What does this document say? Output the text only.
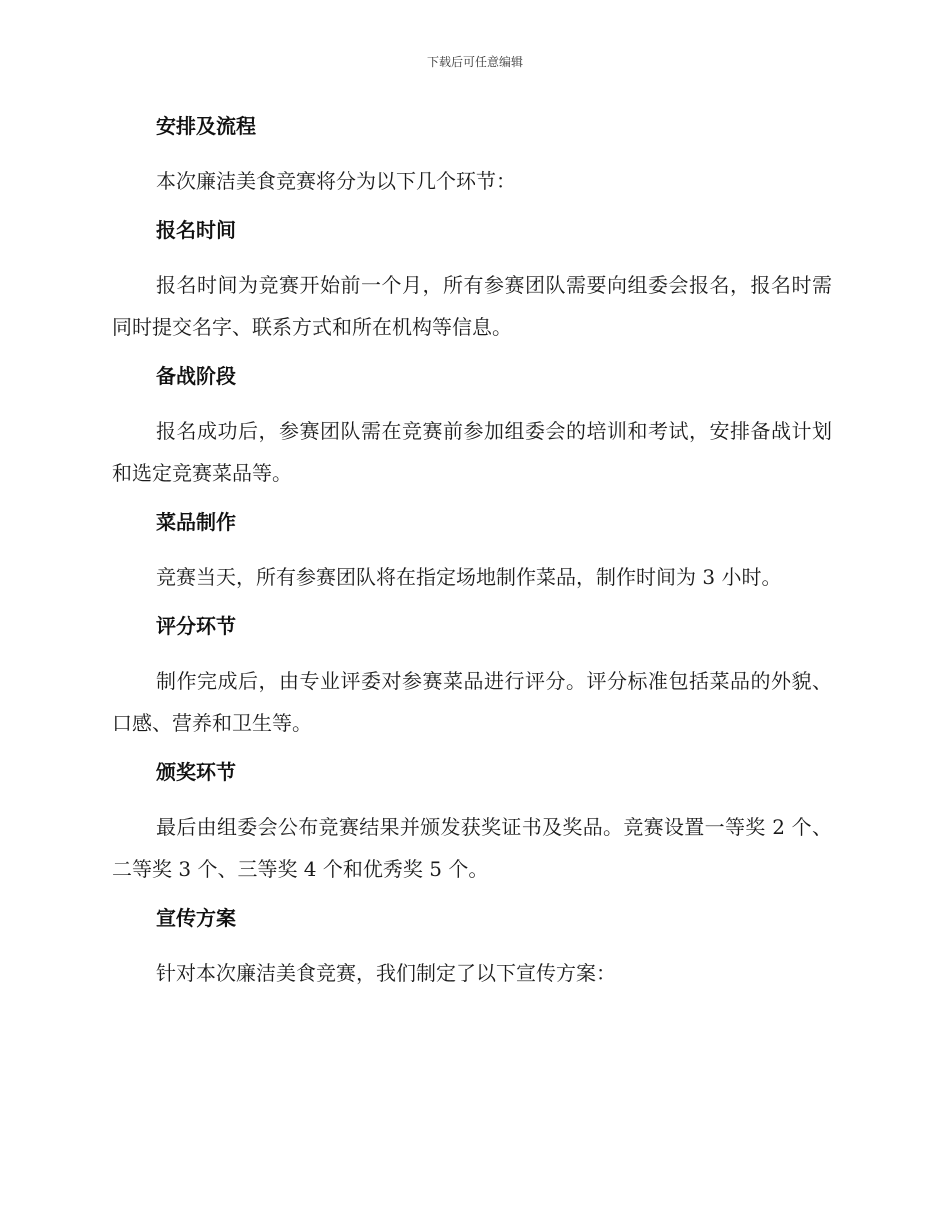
下载后可任意编辑
安排及流程

本次廉洁美食竞赛将分为以下几个环节：

报名时间

报名时间为竞赛开始前一个月，所有参赛团队需要向组委会报名，报名时需同时提交名字、联系方式和所在机构等信息。

备战阶段

报名成功后，参赛团队需在竞赛前参加组委会的培训和考试，安排备战计划和选定竞赛菜品等。

菜品制作

竞赛当天，所有参赛团队将在指定场地制作菜品，制作时间为 3 小时。

评分环节

制作完成后，由专业评委对参赛菜品进行评分。评分标准包括菜品的外貌、口感、营养和卫生等。

颁奖环节

最后由组委会公布竞赛结果并颁发获奖证书及奖品。竞赛设置一等奖 2 个、二等奖 3 个、三等奖 4 个和优秀奖 5 个。

宣传方案

针对本次廉洁美食竞赛，我们制定了以下宣传方案：
